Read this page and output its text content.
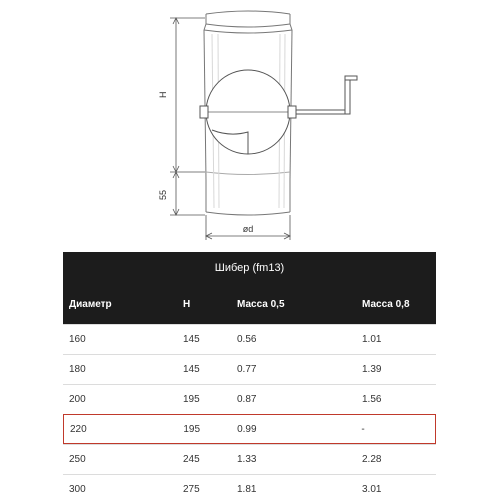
H
55
ød
Шибер (fm13)
Диаметр	H	Масса 0,5	Масса 0,8
160	145	0.56	1.01
180	145	0.77	1.39
200	195	0.87	1.56
220	195	0.99	-
250	245	1.33	2.28
300	275	1.81	3.01
